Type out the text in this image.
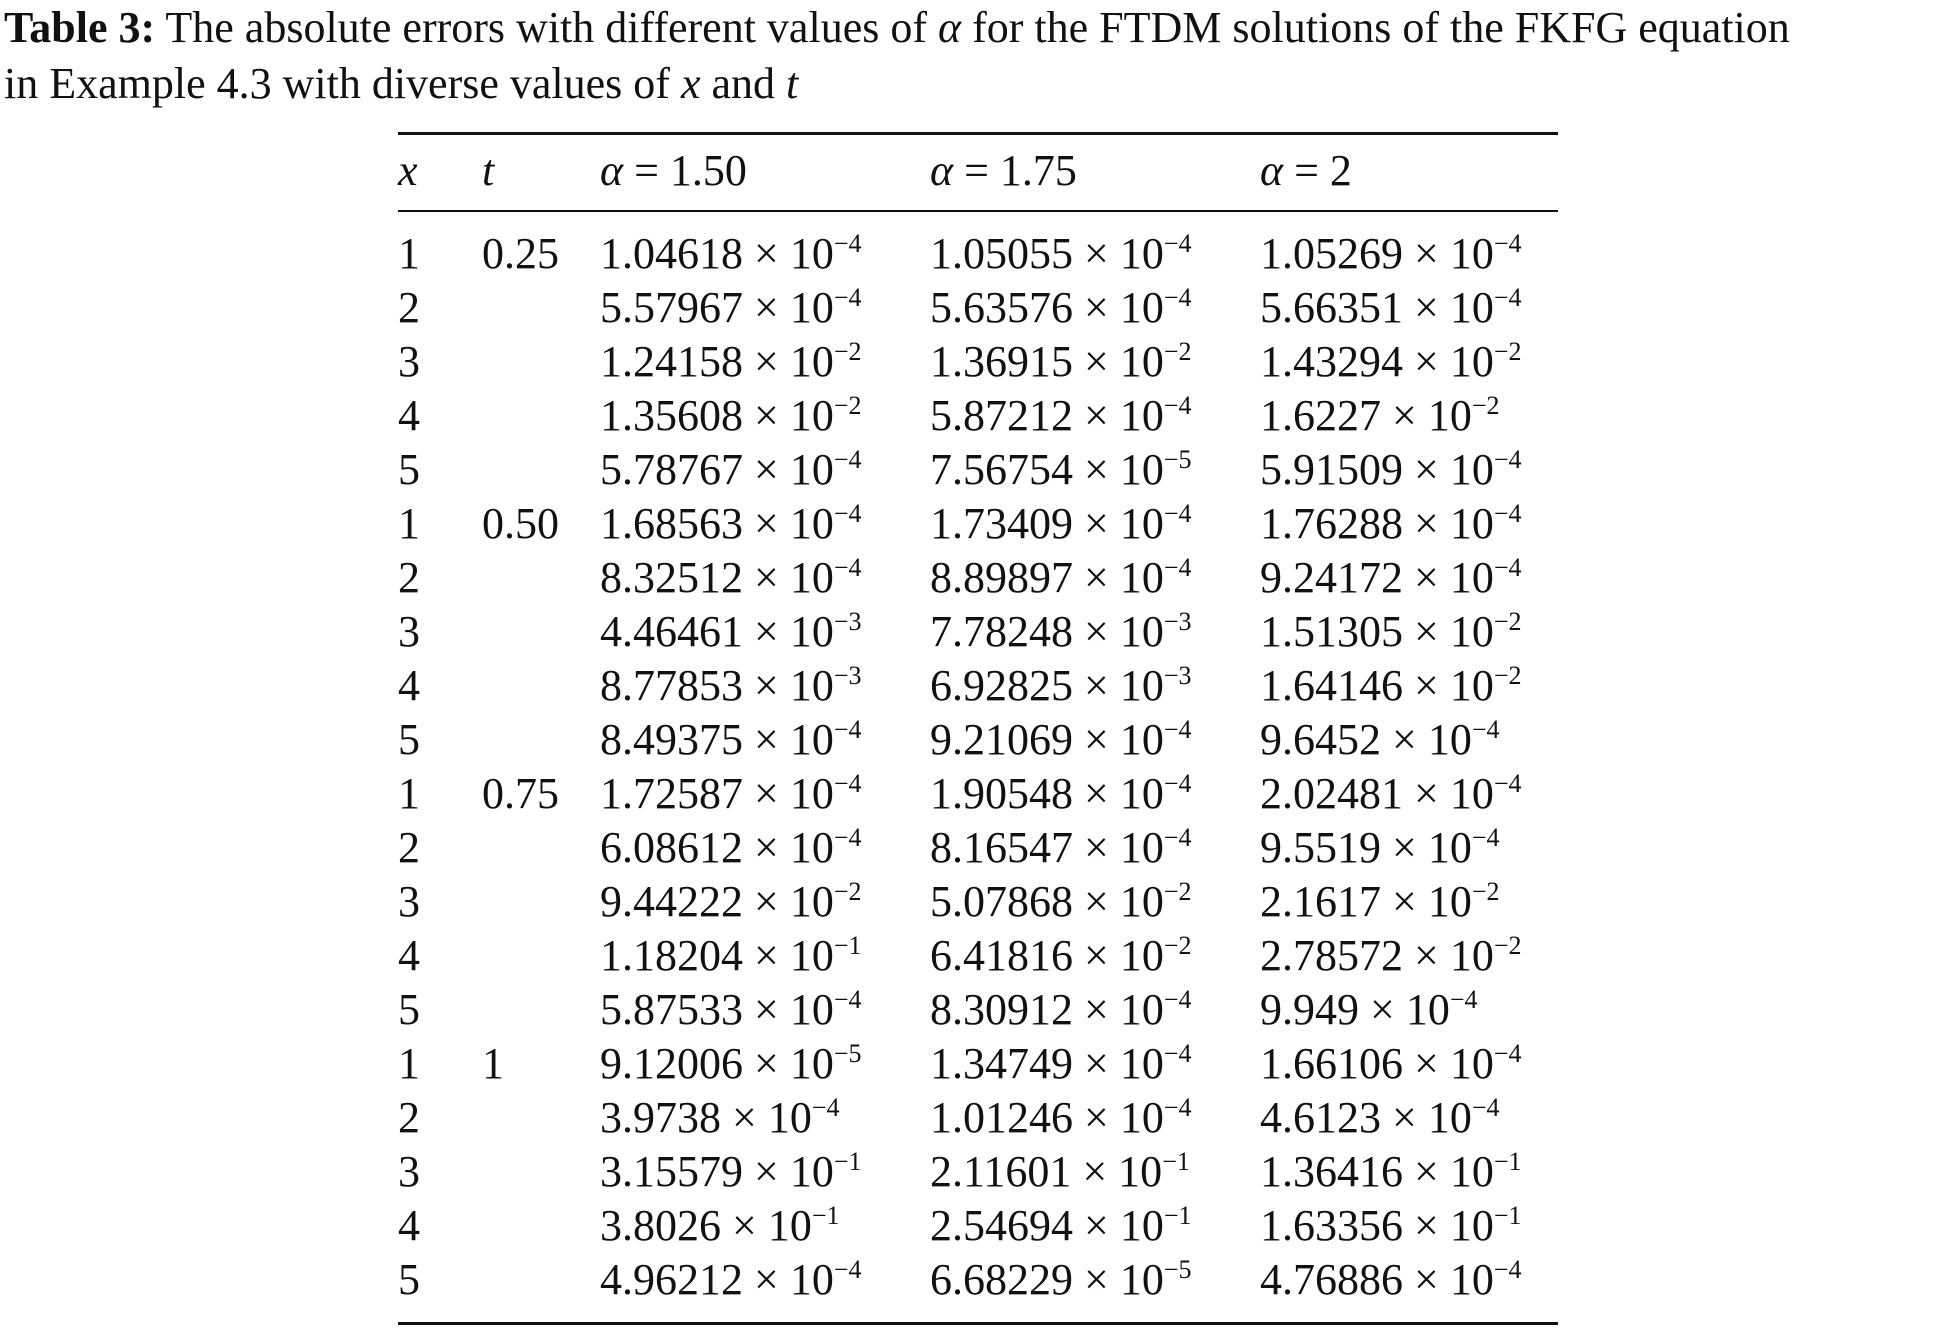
Table 3: The absolute errors with different values of α for the FTDM solutions of the FKFG equation
in Example 4.3 with diverse values of x and t
x t α = 1.50	α = 1.75	α = 2
1 0.25 $1.04618 \times 10^{-4}$ $1.05055 \times 10^{-4}$ $1.05269 \times 10^{-4}$
2	$5.57967 \times 10^{-4}$ $5.63576 \times 10^{-4}$ $5.66351 \times 10^{-4}$
3	$1.24158 \times 10^{-2}$ $1.36915 \times 10^{-2}$ $1.43294 \times 10^{-2}$
4	$1.35608 \times 10^{-2}$ $5.87212 \times 10^{-4}$ $1.6227 \times 10^{-2}$
5	$5.78767 \times 10^{-4}$ $7.56754 \times 10^{-5}$ $5.91509 \times 10^{-4}$
1 0.50 $1.68563 \times 10^{-4}$ $1.73409 \times 10^{-4}$ $1.76288 \times 10^{-4}$
2	$8.32512 \times 10^{-4}$ $8.89897 \times 10^{-4}$ $9.24172 \times 10^{-4}$
3	$4.46461 \times 10^{-3}$ $7.78248 \times 10^{-3}$ $1.51305 \times 10^{-2}$
4	$8.77853 \times 10^{-3}$ $6.92825 \times 10^{-3}$ $1.64146 \times 10^{-2}$
5	$8.49375 \times 10^{-4}$ $9.21069 \times 10^{-4}$ $9.6452 \times 10^{-4}$
1 0.75 $1.72587 \times 10^{-4}$ $1.90548 \times 10^{-4}$ $2.02481 \times 10^{-4}$
2	$6.08612 \times 10^{-4}$ $8.16547 \times 10^{-4}$ $9.5519 \times 10^{-4}$
3	$9.44222 \times 10^{-2}$ $5.07868 \times 10^{-2}$ $2.1617 \times 10^{-2}$
4	$1.18204 \times 10^{-1}$ $6.41816 \times 10^{-2}$ $2.78572 \times 10^{-2}$
5	$5.87533 \times 10^{-4}$ $8.30912 \times 10^{-4}$ $9.949 \times 10^{-4}$
1 1 $9.12006 \times 10^{-5}$ $1.34749 \times 10^{-4}$ $1.66106 \times 10^{-4}$
2	$3.9738 \times 10^{-4}$ $1.01246 \times 10^{-4}$ $4.6123 \times 10^{-4}$
3	$3.15579 \times 10^{-1}$ $2.11601 \times 10^{-1}$ $1.36416 \times 10^{-1}$
4	$3.8026 \times 10^{-1}$ $2.54694 \times 10^{-1}$ $1.63356 \times 10^{-1}$
5	$4.96212 \times 10^{-4}$ $6.68229 \times 10^{-5}$ $4.76886 \times 10^{-4}$
